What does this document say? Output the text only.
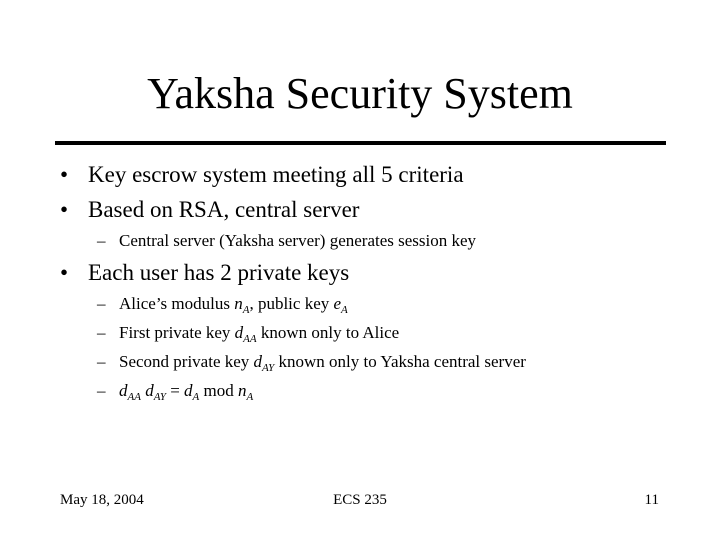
Yaksha Security System
• Key escrow system meeting all 5 criteria
• Based on RSA, central server
– Central server (Yaksha server) generates session key
• Each user has 2 private keys
– Alice’s modulus $n_A$, public key $e_A$
– First private key $d_{AA}$ known only to Alice
– Second private key $d_{AY}$ known only to Yaksha central server
– $d_{AA}$ $d_{AY} = d_A$ mod $n_A$
May 18, 2004	ECS 235	11
